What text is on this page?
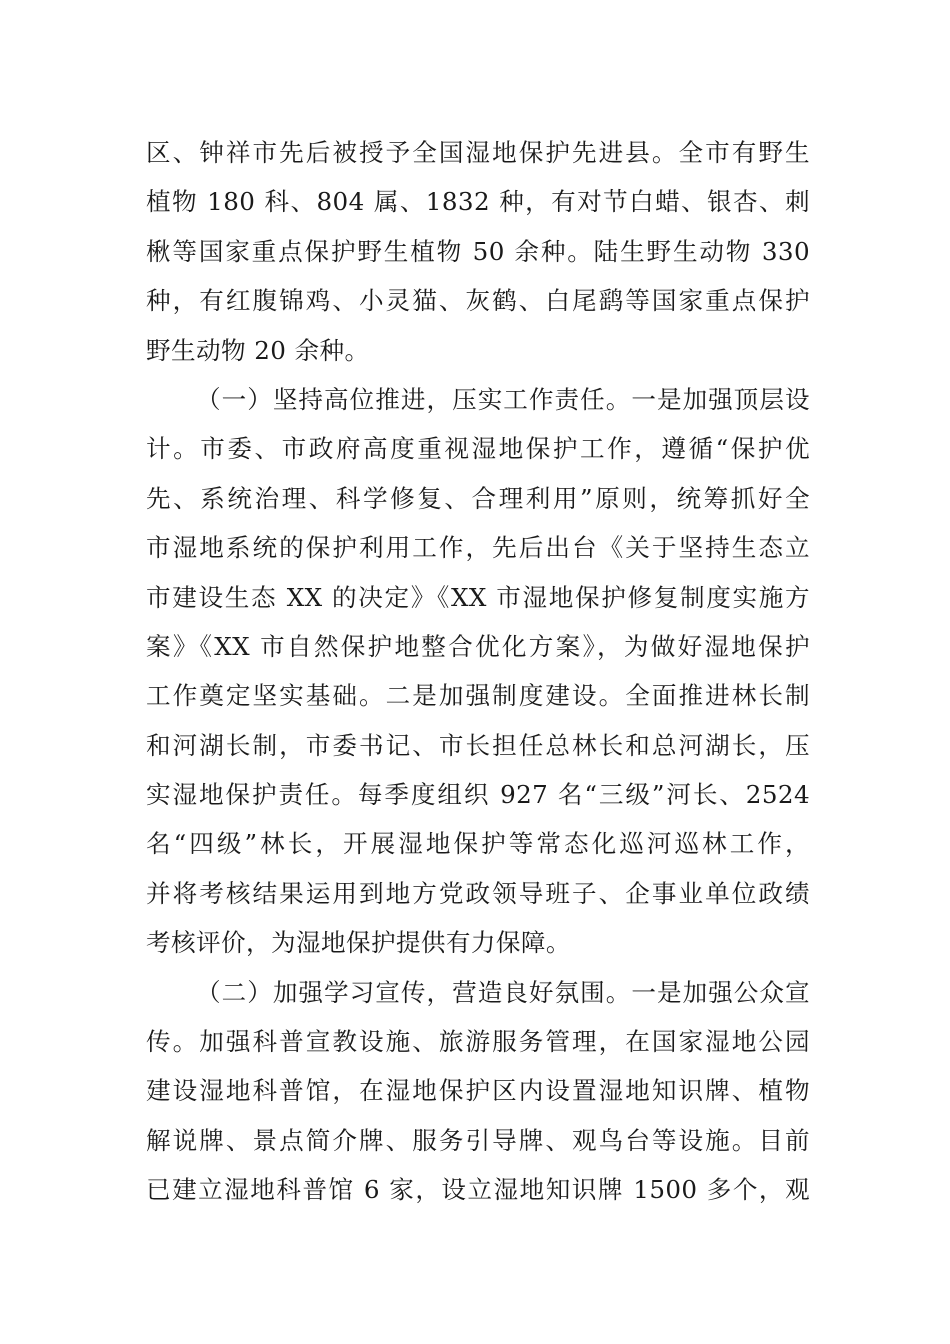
区、钟祥市先后被授予全国湿地保护先进县。全市有野生
植物 180 科、804 属、1832 种，有对节白蜡、银杏、刺
楸等国家重点保护野生植物 50 余种。陆生野生动物 330
种，有红腹锦鸡、小灵猫、灰鹤、白尾鹞等国家重点保护
野生动物 20 余种。
（一）坚持高位推进，压实工作责任。一是加强顶层设
计。市委、市政府高度重视湿地保护工作，遵循“保护优
先、系统治理、科学修复、合理利用”原则，统筹抓好全
市湿地系统的保护利用工作，先后出台《关于坚持生态立
市建设生态 XX 的决定》《XX 市湿地保护修复制度实施方
案》《XX 市自然保护地整合优化方案》，为做好湿地保护
工作奠定坚实基础。二是加强制度建设。全面推进林长制
和河湖长制，市委书记、市长担任总林长和总河湖长，压
实湿地保护责任。每季度组织 927 名“三级”河长、2524
名“四级”林长，开展湿地保护等常态化巡河巡林工作，
并将考核结果运用到地方党政领导班子、企事业单位政绩
考核评价，为湿地保护提供有力保障。
（二）加强学习宣传，营造良好氛围。一是加强公众宣
传。加强科普宣教设施、旅游服务管理，在国家湿地公园
建设湿地科普馆，在湿地保护区内设置湿地知识牌、植物
解说牌、景点简介牌、服务引导牌、观鸟台等设施。目前
已建立湿地科普馆 6 家，设立湿地知识牌 1500 多个，观
